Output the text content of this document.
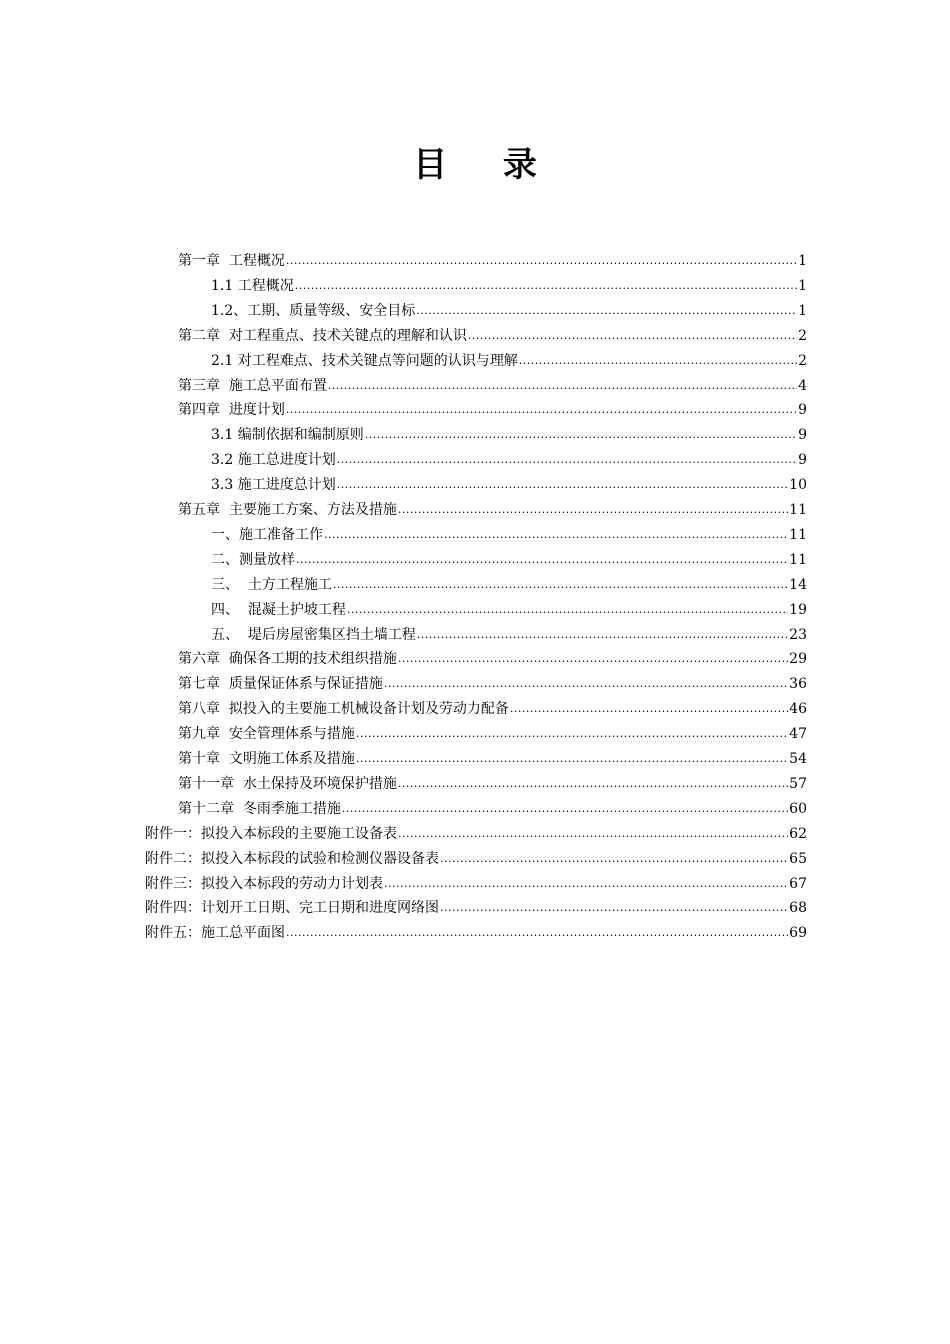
目 录
第一章  工程概况 .....	1
1.1 工程概况 .....	1
1.2、工期、质量等级、安全目标 .....	1
第二章  对工程重点、技术关键点的理解和认识 .....	2
2.1 对工程难点、技术关键点等问题的认识与理解 .....	2
第三章  施工总平面布置 .....	4
第四章  进度计划 .....	9
3.1 编制依据和编制原则 .....	9
3.2 施工总进度计划 .....	9
3.3 施工进度总计划 .....	10
第五章  主要施工方案、方法及措施 .....	11
一、施工准备工作 .....	11
二、测量放样 .....	11
三、  土方工程施工 .....	14
四、  混凝土护坡工程 .....	19
五、  堤后房屋密集区挡土墙工程 .....	23
第六章  确保各工期的技术组织措施 .....	29
第七章  质量保证体系与保证措施 .....	36
第八章  拟投入的主要施工机械设备计划及劳动力配备 .....	46
第九章  安全管理体系与措施 .....	47
第十章  文明施工体系及措施 .....	54
第十一章  水土保持及环境保护措施 .....	57
第十二章  冬雨季施工措施 .....	60
附件一：拟投入本标段的主要施工设备表 .....	62
附件二：拟投入本标段的试验和检测仪器设备表 .....	65
附件三：拟投入本标段的劳动力计划表 .....	67
附件四：计划开工日期、完工日期和进度网络图 .....	68
附件五：施工总平面图 .....	69
